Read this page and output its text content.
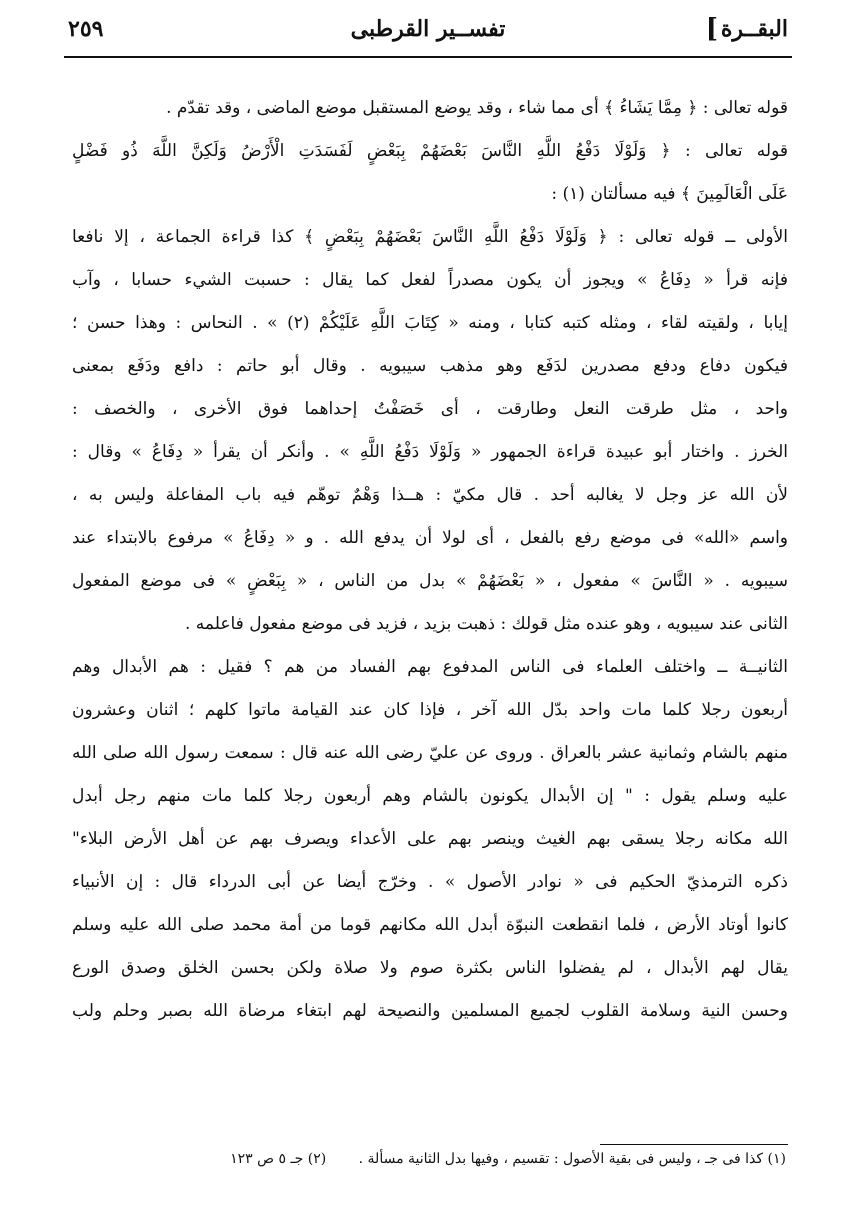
البقــرة
]
تفســير القرطبى
٢٥٩
قوله تعالى : ﴿ مِمَّا يَشَاءُ ﴾ أى مما شاء ، وقد يوضع المستقبل موضع الماضى ، وقد تقدّم .
قوله تعالى : ﴿ وَلَوْلَا دَفْعُ اللَّهِ النَّاسَ بَعْضَهُمْ بِبَعْضٍ لَفَسَدَتِ الْأَرْضُ وَلَكِنَّ اللَّهَ ذُو فَضْلٍ
عَلَى الْعَالَمِينَ ﴾ فيه مسألتان (١) :
الأولى ــ قوله تعالى : ﴿ وَلَوْلَا دَفْعُ اللَّهِ النَّاسَ بَعْضَهُمْ بِبَعْضٍ ﴾ كذا قراءة الجماعة ، إلا نافعا
فإنه قرأ « دِفَاعُ » ويجوز أن يكون مصدراً لفعل كما يقال : حسبت الشيء حسابا ، وآب
إيابا ، ولقيته لقاء ، ومثله كتبه كتابا ، ومنه « كِتَابَ اللَّهِ عَلَيْكُمْ (٢) » . النحاس : وهذا حسن ؛
فيكون دفاع ودفع مصدرين لدَفَع وهو مذهب سيبويه . وقال أبو حاتم : دافع ودَفَع بمعنى
واحد ، مثل طرقت النعل وطارقت ، أى خَصَفْتُ إحداهما فوق الأخرى ، والخصف :
الخرز . واختار أبو عبيدة قراءة الجمهور « وَلَوْلَا دَفْعُ اللَّهِ » . وأنكر أن يقرأ « دِفَاعُ » وقال :
لأن الله عز وجل لا يغالبه أحد . قال مكيّ : هــذا وَهْمٌ توهّم فيه باب المفاعلة وليس به ،
واسم «الله» فى موضع رفع بالفعل ، أى لولا أن يدفع الله . و « دِفَاعُ » مرفوع بالابتداء عند
سيبويه . « النَّاسَ » مفعول ، « بَعْضَهُمْ » بدل من الناس ، « بِبَعْضٍ » فى موضع المفعول
الثانى عند سيبويه ، وهو عنده مثل قولك : ذهبت بزيد ، فزيد فى موضع مفعول فاعلمه .
الثانيــة ــ واختلف العلماء فى الناس المدفوع بهم الفساد من هم ؟ فقيل : هم الأبدال وهم
أربعون رجلا كلما مات واحد بدّل الله آخر ، فإذا كان عند القيامة ماتوا كلهم ؛ اثنان وعشرون
منهم بالشام وثمانية عشر بالعراق . وروى عن عليّ رضى الله عنه قال : سمعت رسول الله صلى الله
عليه وسلم يقول : " إن الأبدال يكونون بالشام وهم أربعون رجلا كلما مات منهم رجل أبدل
الله مكانه رجلا يسقى بهم الغيث وينصر بهم على الأعداء ويصرف بهم عن أهل الأرض البلاء"
ذكره الترمذيّ الحكيم فى « نوادر الأصول » . وخرّج أيضا عن أبى الدرداء قال : إن الأنبياء
كانوا أوتاد الأرض ، فلما انقطعت النبوّة أبدل الله مكانهم قوما من أمة محمد صلى الله عليه وسلم
يقال لهم الأبدال ، لم يفضلوا الناس بكثرة صوم ولا صلاة ولكن بحسن الخلق وصدق الورع
وحسن النية وسلامة القلوب لجميع المسلمين والنصيحة لهم ابتغاء مرضاة الله بصبر وحلم ولب
(١) كذا فى جـ ، وليس فى بقية الأصول : تقسيم ، وفيها بدل الثانية مسألة . (٢) جـ ٥ ص ١٢٣
